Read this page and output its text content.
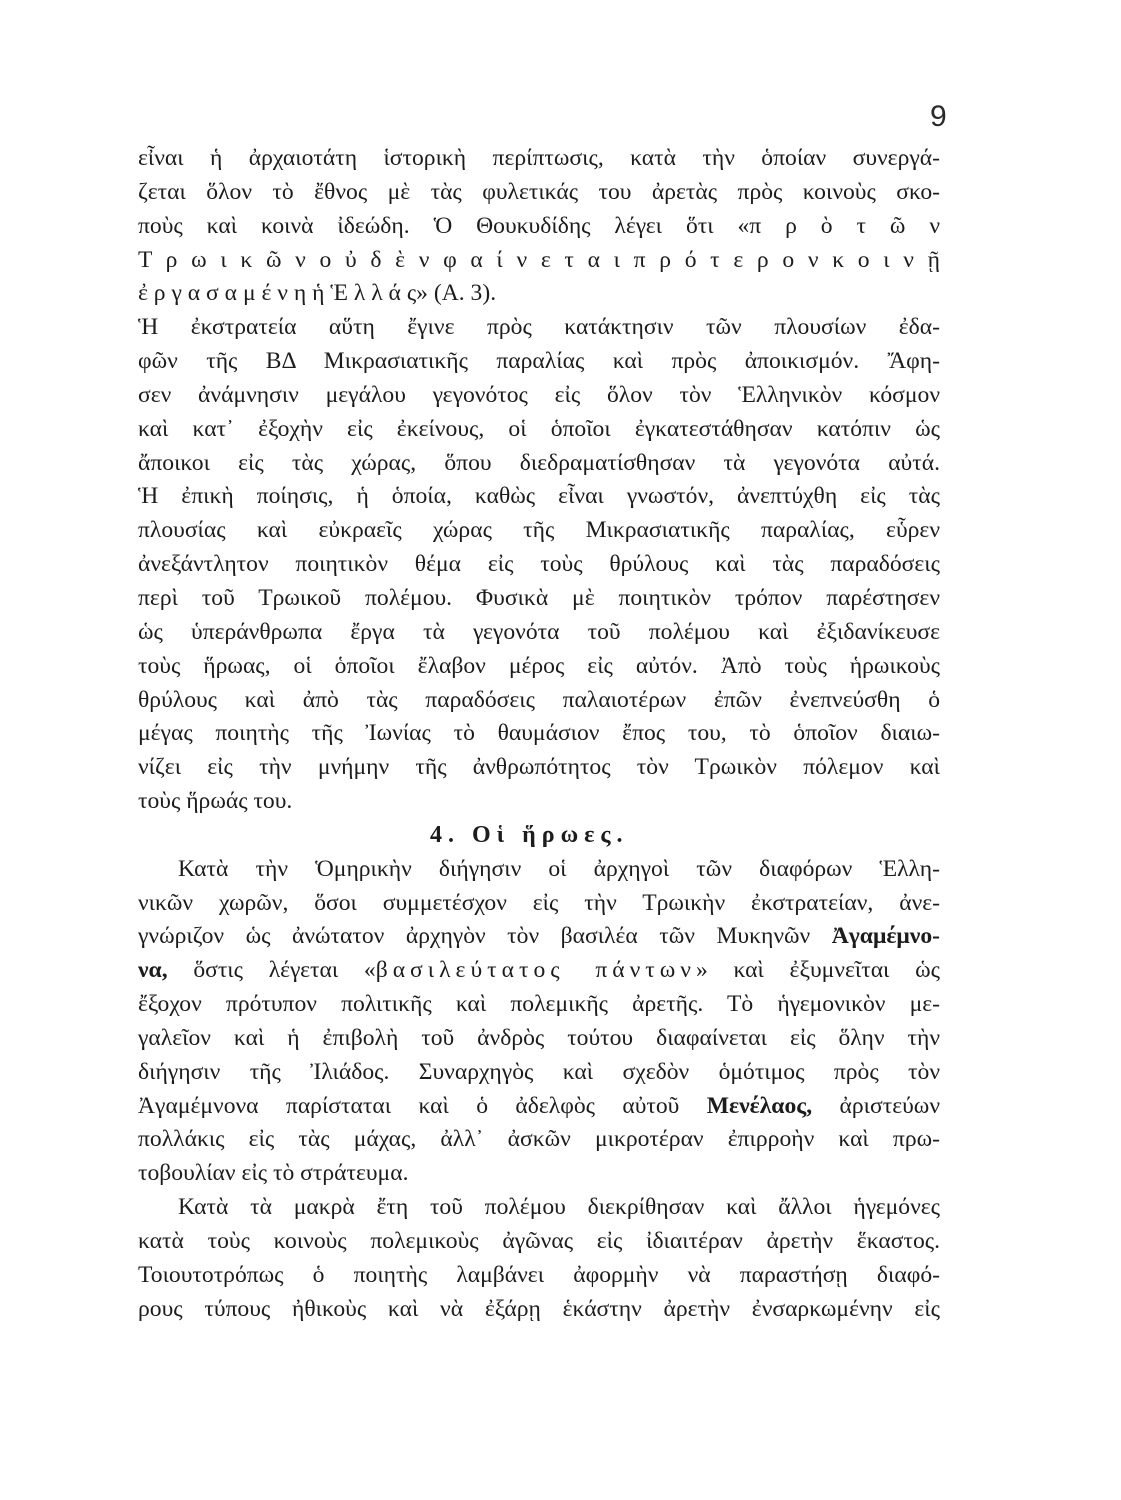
9
εἶναι ἡ ἀρχαιοτάτη ἱστορικὴ περίπτωσις, κατὰ τὴν ὁποίαν συνεργά-
ζεται ὅλον τὸ ἔθνος μὲ τὰς φυλετικάς του ἀρετὰς πρὸς κοινοὺς σκο-
ποὺς καὶ κοινὰ ἰδεώδη. Ὁ Θουκυδίδης λέγει ὅτι «π ρ ὸ τ ῶ ν
Τ ρ ω ι κ ῶ ν ο ὐ δ ὲ ν φ α ί ν ε τ α ι π ρ ό τ ε ρ ο ν κ ο ι ν ῇ
ἐ ρ γ α σ α μ έ ν η ἡ Ἑ λ λ ά ς» (Α. 3).
Ἡ ἐκστρατεία αὕτη ἔγινε πρὸς κατάκτησιν τῶν πλουσίων ἐδα-
φῶν τῆς ΒΔ Μικρασιατικῆς παραλίας καὶ πρὸς ἀποικισμόν. Ἄφη-
σεν ἀνάμνησιν μεγάλου γεγονότος εἰς ὅλον τὸν Ἑλληνικὸν κόσμον
καὶ κατ᾽ ἐξοχὴν εἰς ἐκείνους, οἱ ὁποῖοι ἐγκατεστάθησαν κατόπιν ὡς
ἄποικοι εἰς τὰς χώρας, ὅπου διεδραματίσθησαν τὰ γεγονότα αὐτά.
Ἡ ἐπικὴ ποίησις, ἡ ὁποία, καθὼς εἶναι γνωστόν, ἀνεπτύχθη εἰς τὰς
πλουσίας καὶ εὐκραεῖς χώρας τῆς Μικρασιατικῆς παραλίας, εὗρεν
ἀνεξάντλητον ποιητικὸν θέμα εἰς τοὺς θρύλους καὶ τὰς παραδόσεις
περὶ τοῦ Τρωικοῦ πολέμου. Φυσικὰ μὲ ποιητικὸν τρόπον παρέστησεν
ὡς ὑπεράνθρωπα ἔργα τὰ γεγονότα τοῦ πολέμου καὶ ἐξιδανίκευσε
τοὺς ἥρωας, οἱ ὁποῖοι ἔλαβον μέρος εἰς αὐτόν. Ἀπὸ τοὺς ἡρωικοὺς
θρύλους καὶ ἀπὸ τὰς παραδόσεις παλαιοτέρων ἐπῶν ἐνεπνεύσθη ὁ
μέγας ποιητὴς τῆς Ἰωνίας τὸ θαυμάσιον ἔπος του, τὸ ὁποῖον διαιω-
νίζει εἰς τὴν μνήμην τῆς ἀνθρωπότητος τὸν Τρωικὸν πόλεμον καὶ
τοὺς ἥρωάς του.
4. Οἱ ἥρωες.
Κατὰ τὴν Ὁμηρικὴν διήγησιν οἱ ἀρχηγοὶ τῶν διαφόρων Ἑλλη-
νικῶν χωρῶν, ὅσοι συμμετέσχον εἰς τὴν Τρωικὴν ἐκστρατείαν, ἀνε-
γνώριζον ὡς ἀνώτατον ἀρχηγὸν τὸν βασιλέα τῶν Μυκηνῶν Ἀγαμέμνο-
να, ὅστις λέγεται «βασιλεύτατος πάντων» καὶ ἐξυμνεῖται ὡς
ἔξοχον πρότυπον πολιτικῆς καὶ πολεμικῆς ἀρετῆς. Τὸ ἡγεμονικὸν με-
γαλεῖον καὶ ἡ ἐπιβολὴ τοῦ ἀνδρὸς τούτου διαφαίνεται εἰς ὅλην τὴν
διήγησιν τῆς Ἰλιάδος. Συναρχηγὸς καὶ σχεδὸν ὁμότιμος πρὸς τὸν
Ἀγαμέμνονα παρίσταται καὶ ὁ ἀδελφὸς αὐτοῦ Μενέλαος, ἀριστεύων
πολλάκις εἰς τὰς μάχας, ἀλλ᾽ ἀσκῶν μικροτέραν ἐπιρροὴν καὶ πρω-
τοβουλίαν εἰς τὸ στράτευμα.
Κατὰ τὰ μακρὰ ἔτη τοῦ πολέμου διεκρίθησαν καὶ ἄλλοι ἡγεμόνες
κατὰ τοὺς κοινοὺς πολεμικοὺς ἀγῶνας εἰς ἰδιαιτέραν ἀρετὴν ἕκαστος.
Τοιουτοτρόπως ὁ ποιητὴς λαμβάνει ἀφορμὴν νὰ παραστήσῃ διαφό-
ρους τύπους ἠθικοὺς καὶ νὰ ἐξάρῃ ἑκάστην ἀρετὴν ἐνσαρκωμένην εἰς
